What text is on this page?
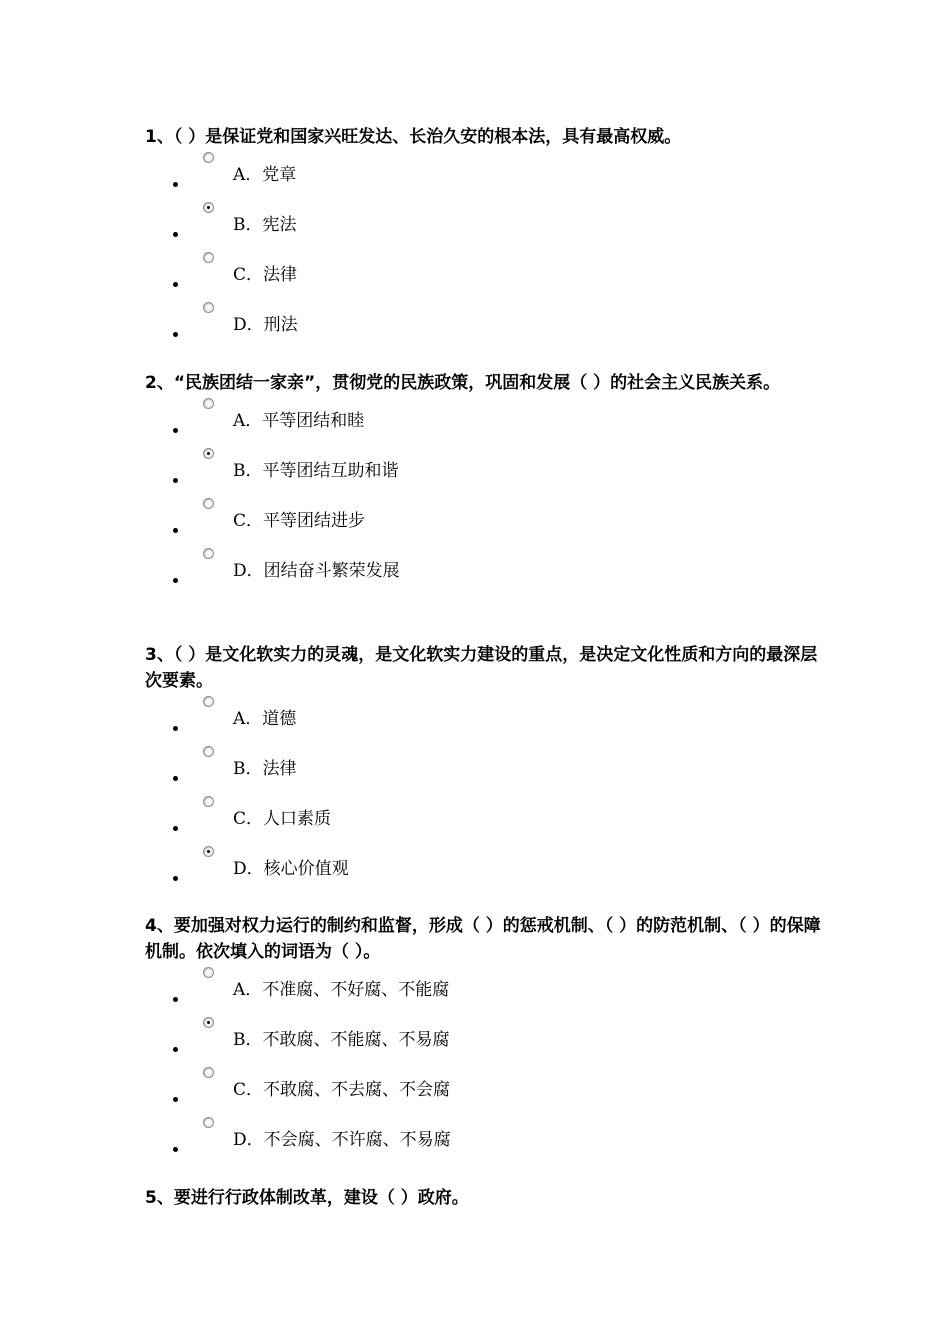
1、（ ）是保证党和国家兴旺发达、长治久安的根本法，具有最高权威。

A．党章
B．宪法
C．法律
D．刑法

2、“民族团结一家亲”，贯彻党的民族政策，巩固和发展（ ）的社会主义民族关系。

A．平等团结和睦
B．平等团结互助和谐
C．平等团结进步
D．团结奋斗繁荣发展

3、（ ）是文化软实力的灵魂，是文化软实力建设的重点，是决定文化性质和方向的最深层次要素。

A．道德
B．法律
C．人口素质
D．核心价值观

4、要加强对权力运行的制约和监督，形成（ ）的惩戒机制、（ ）的防范机制、（ ）的保障机制。依次填入的词语为（ ）。

A．不准腐、不好腐、不能腐
B．不敢腐、不能腐、不易腐
C．不敢腐、不去腐、不会腐
D．不会腐、不许腐、不易腐

5、要进行行政体制改革，建设（ ）政府。
